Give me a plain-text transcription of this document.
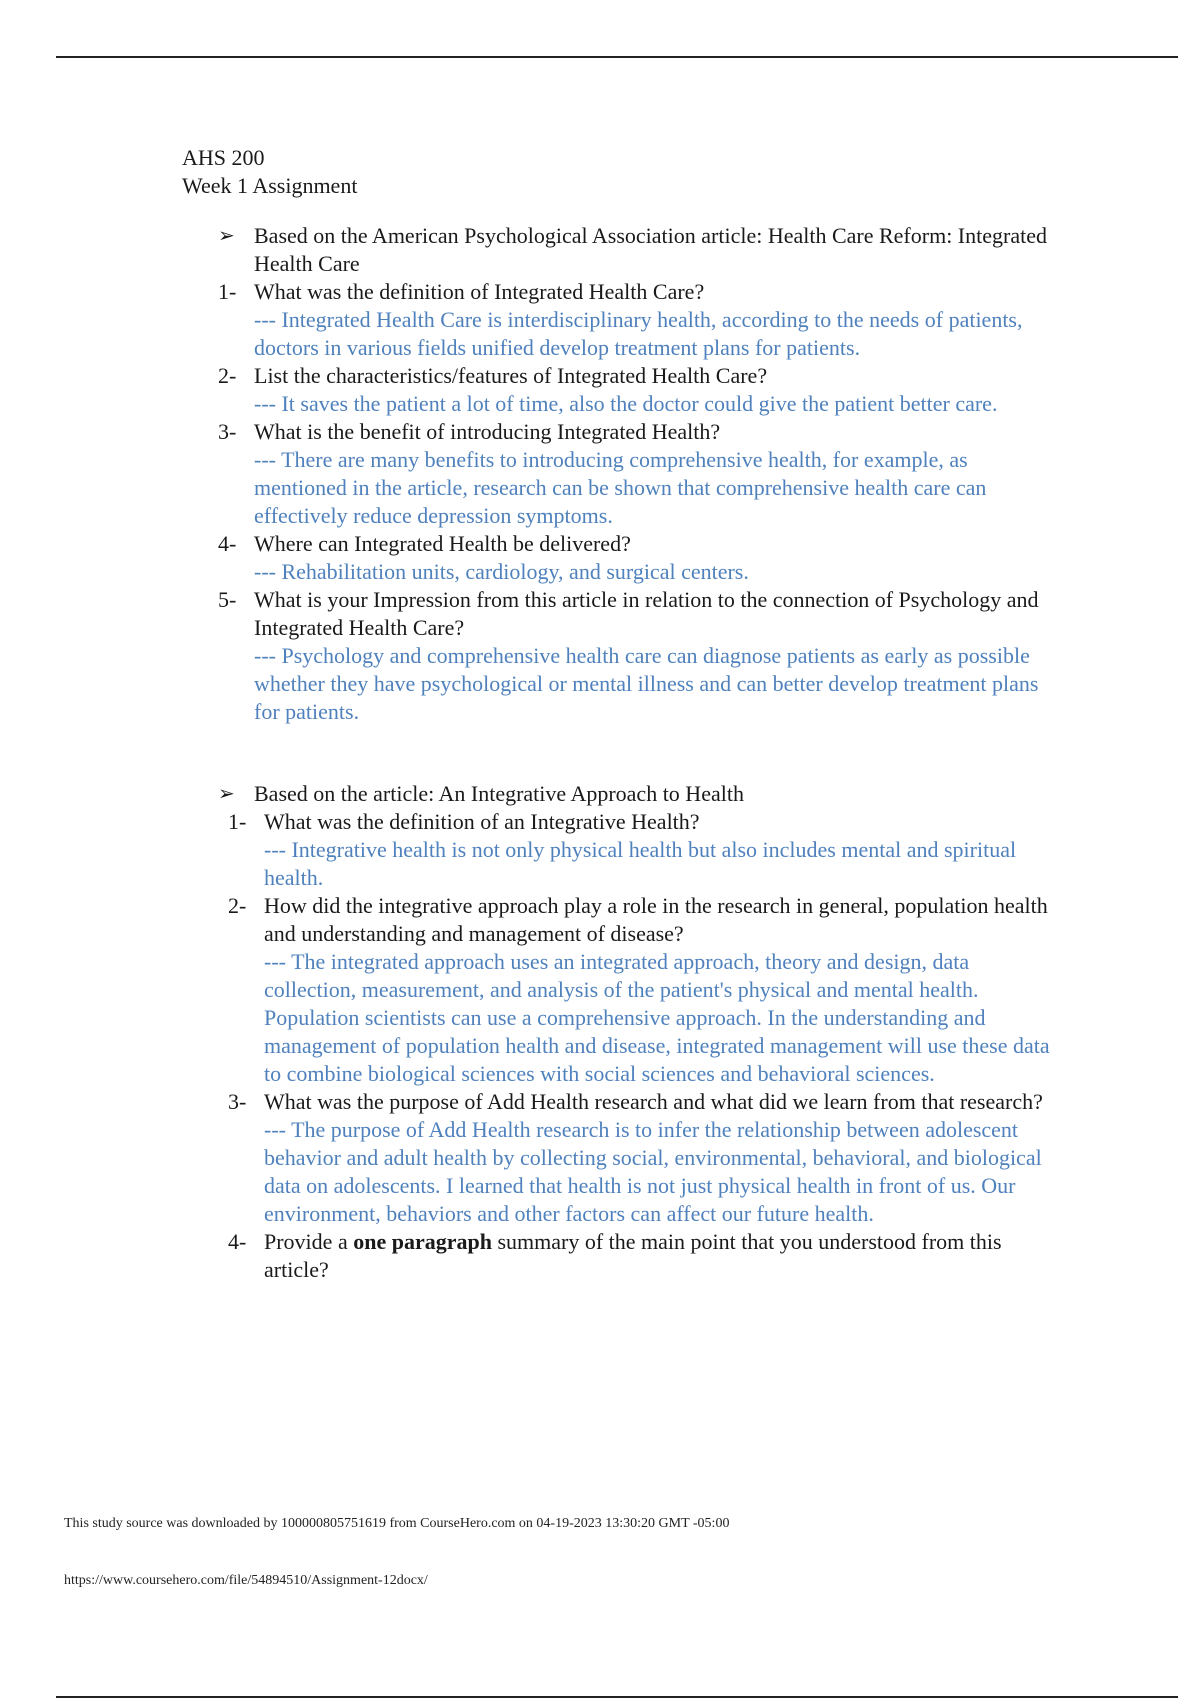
AHS 200
Week 1 Assignment
➢ Based on the American Psychological Association article: Health Care Reform: Integrated Health Care
1- What was the definition of Integrated Health Care?
--- Integrated Health Care is interdisciplinary health, according to the needs of patients, doctors in various fields unified develop treatment plans for patients.
2- List the characteristics/features of Integrated Health Care?
--- It saves the patient a lot of time, also the doctor could give the patient better care.
3- What is the benefit of introducing Integrated Health?
--- There are many benefits to introducing comprehensive health, for example, as mentioned in the article, research can be shown that comprehensive health care can effectively reduce depression symptoms.
4- Where can Integrated Health be delivered?
--- Rehabilitation units, cardiology, and surgical centers.
5- What is your Impression from this article in relation to the connection of Psychology and Integrated Health Care?
--- Psychology and comprehensive health care can diagnose patients as early as possible whether they have psychological or mental illness and can better develop treatment plans for patients.
➢ Based on the article: An Integrative Approach to Health
1- What was the definition of an Integrative Health?
--- Integrative health is not only physical health but also includes mental and spiritual health.
2- How did the integrative approach play a role in the research in general, population health and understanding and management of disease?
--- The integrated approach uses an integrated approach, theory and design, data collection, measurement, and analysis of the patient's physical and mental health. Population scientists can use a comprehensive approach. In the understanding and management of population health and disease, integrated management will use these data to combine biological sciences with social sciences and behavioral sciences.
3- What was the purpose of Add Health research and what did we learn from that research?
--- The purpose of Add Health research is to infer the relationship between adolescent behavior and adult health by collecting social, environmental, behavioral, and biological data on adolescents. I learned that health is not just physical health in front of us. Our environment, behaviors and other factors can affect our future health.
4- Provide a one paragraph summary of the main point that you understood from this article?
This study source was downloaded by 100000805751619 from CourseHero.com on 04-19-2023 13:30:20 GMT -05:00
https://www.coursehero.com/file/54894510/Assignment-12docx/
